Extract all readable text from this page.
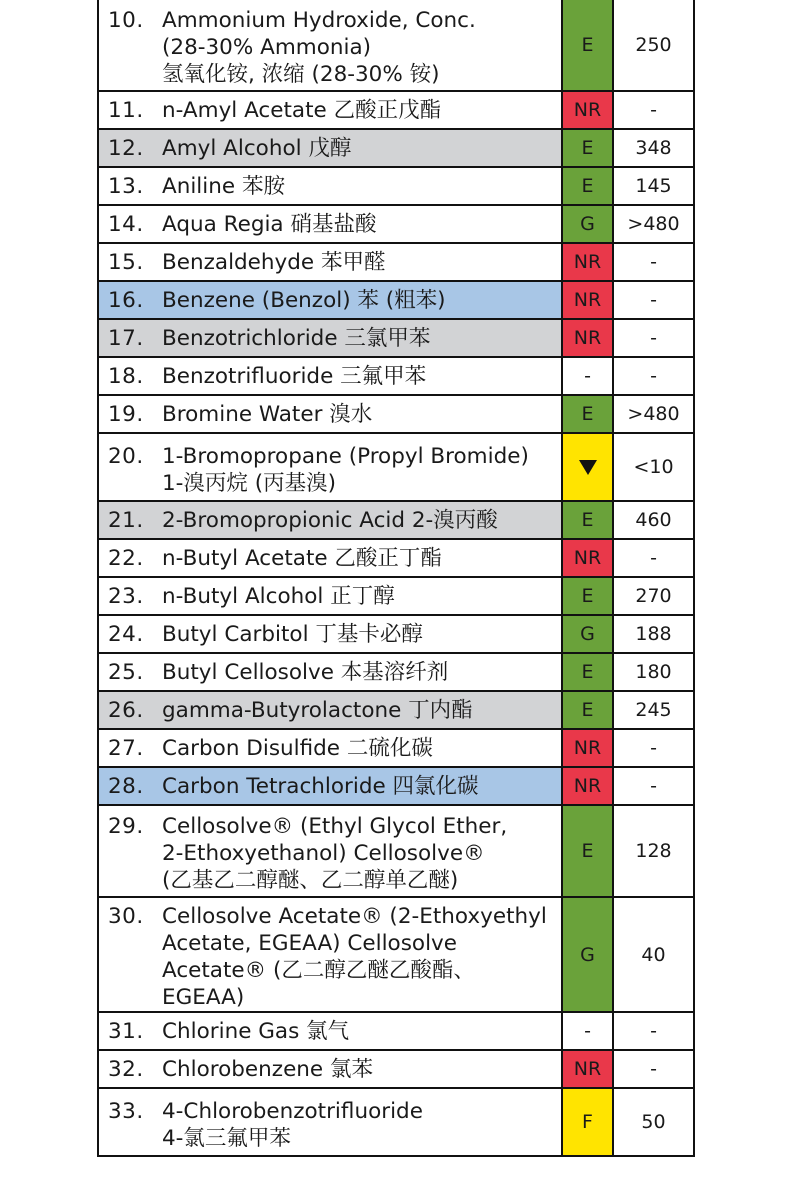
10. Ammonium Hydroxide, Conc.
(28-30% Ammonia)
氢氧化铵, 浓缩 (28-30% 铵)	E	250

11. n-Amyl Acetate 乙酸正戊酯	NR	-

12. Amyl Alcohol 戊醇	E	348

13. Aniline 苯胺	E	145

14. Aqua Regia 硝基盐酸	G	>480

15. Benzaldehyde 苯甲醛	NR	-

16. Benzene (Benzol) 苯 (粗苯)	NR	-

17. Benzotrichloride 三氯甲苯	NR	-

18. Benzotrifluoride 三氟甲苯	-	-

19. Bromine Water 溴水	E	>480

20. 1-Bromopropane (Propyl Bromide)
1-溴丙烷 (丙基溴)		<10

21. 2-Bromopropionic Acid 2-溴丙酸	E	460

22. n-Butyl Acetate 乙酸正丁酯	NR	-

23. n-Butyl Alcohol 正丁醇	E	270

24. Butyl Carbitol 丁基卡必醇	G	188

25. Butyl Cellosolve 本基溶纤剂	E	180

26. gamma-Butyrolactone 丁内酯	E	245

27. Carbon Disulfide 二硫化碳	NR	-

28. Carbon Tetrachloride 四氯化碳	NR	-

29. Cellosolve® (Ethyl Glycol Ether,
2-Ethoxyethanol) Cellosolve®
(乙基乙二醇醚、乙二醇单乙醚)	E	128

30. Cellosolve Acetate® (2-Ethoxyethyl
Acetate, EGEAA) Cellosolve
Acetate® (乙二醇乙醚乙酸酯、EGEAA)	G	40

31. Chlorine Gas 氯气	-	-

32. Chlorobenzene 氯苯	NR	-

33. 4-Chlorobenzotrifluoride
4-氯三氟甲苯	F	50
